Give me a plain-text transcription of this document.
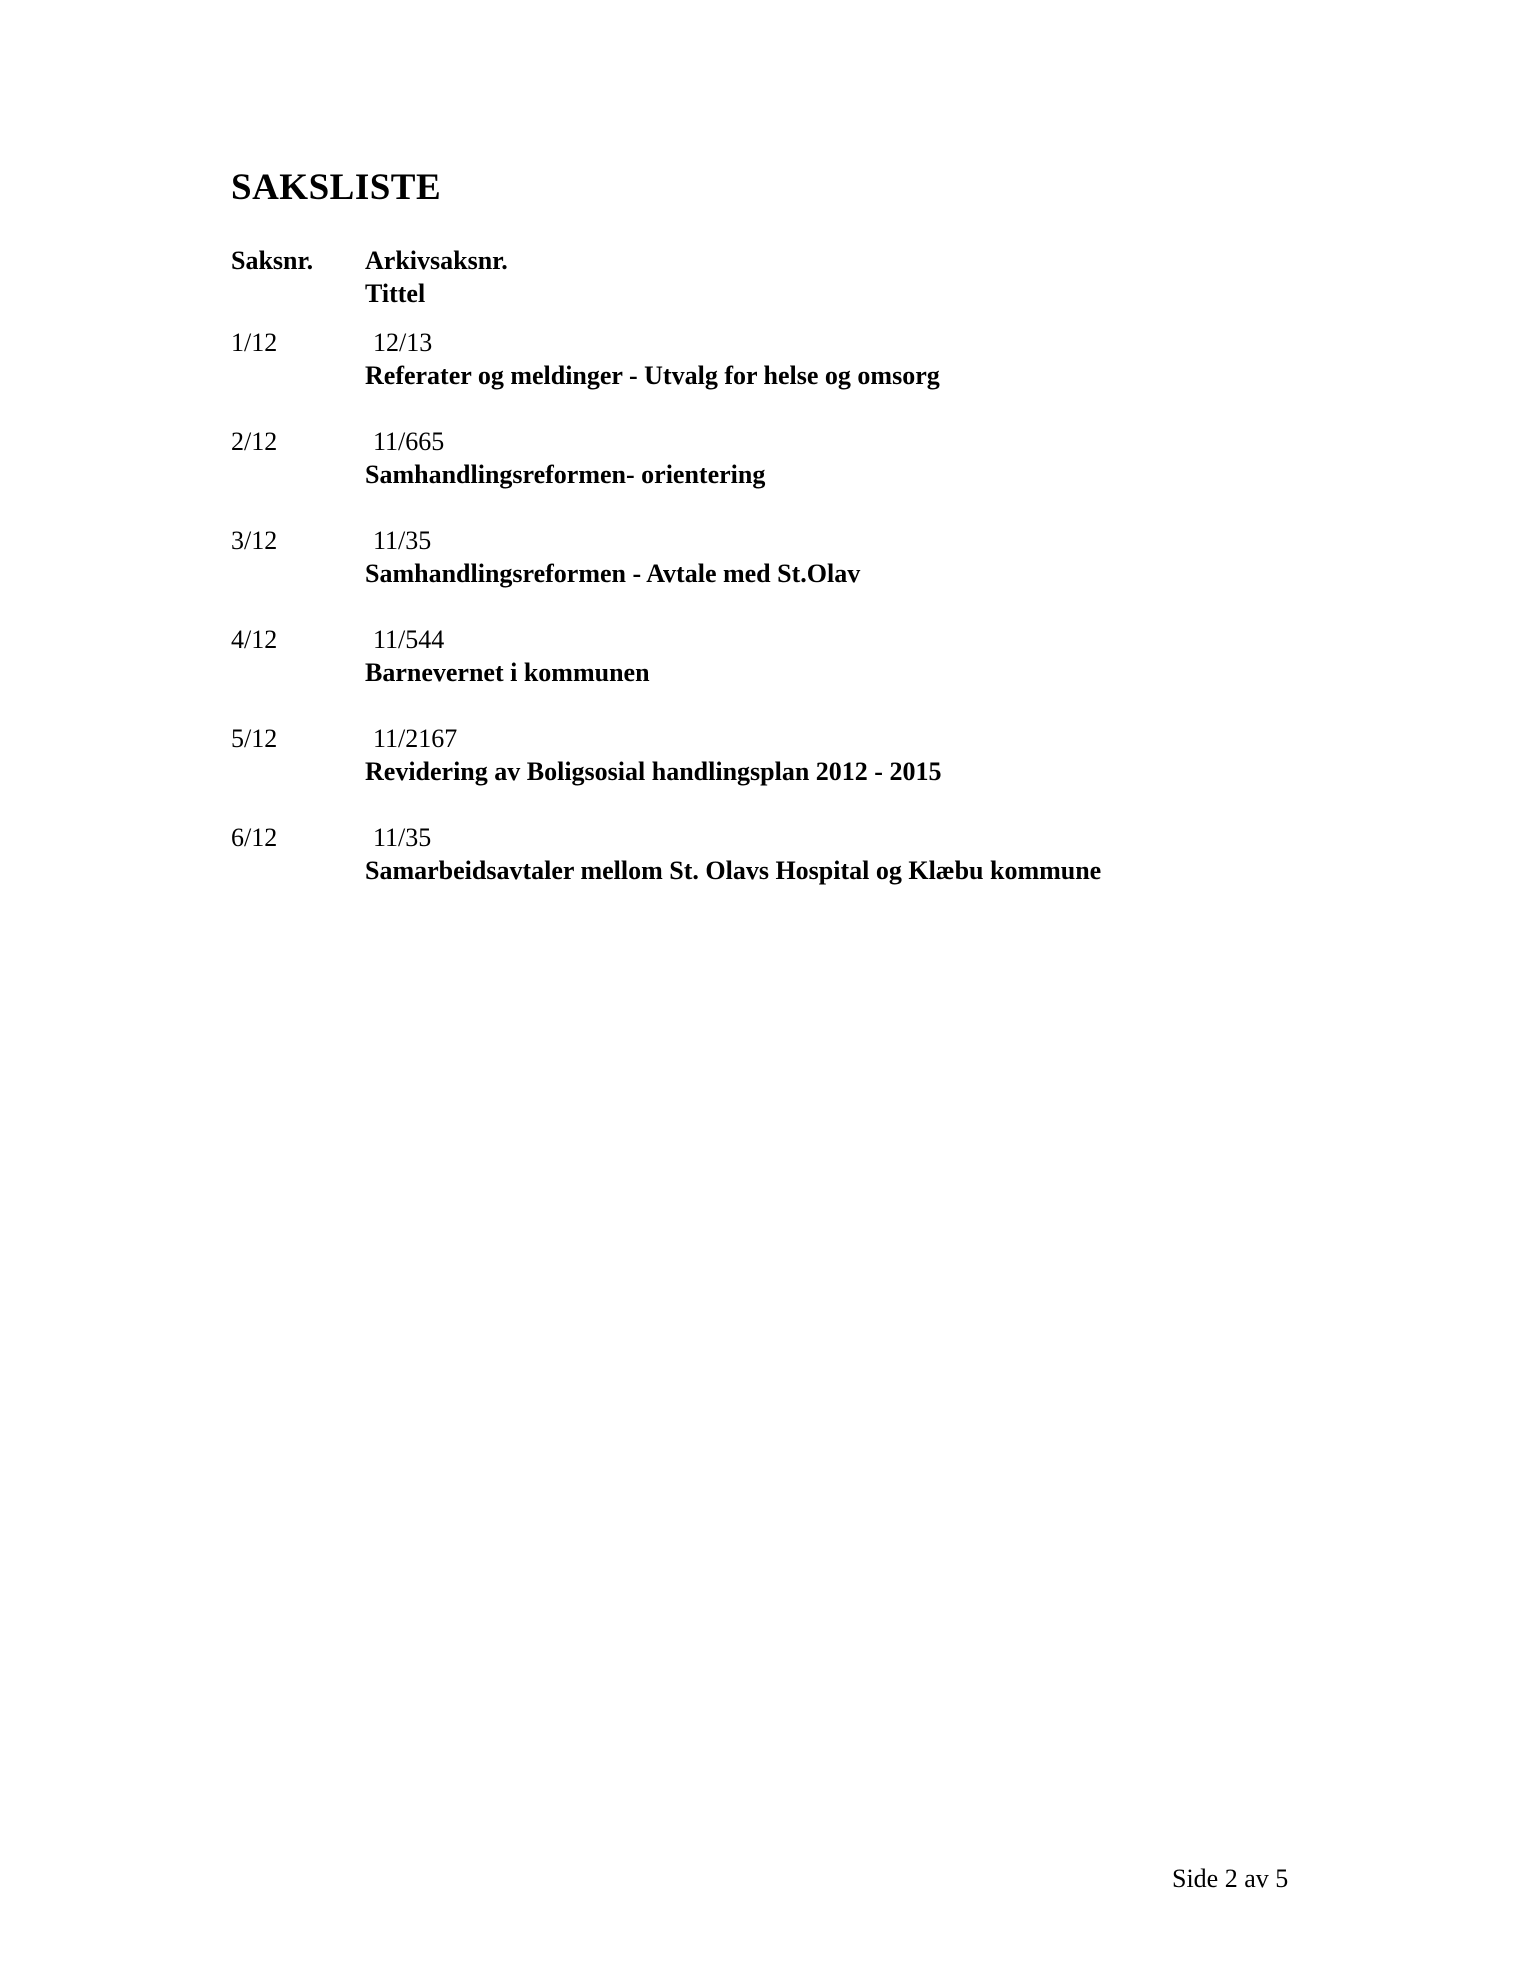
SAKSLISTE
Saksnr. Arkivsaksnr.
Tittel
1/12	12/13
Referater og meldinger - Utvalg for helse og omsorg
2/12	11/665
Samhandlingsreformen- orientering
3/12	11/35
Samhandlingsreformen - Avtale med St.Olav
4/12	11/544
Barnevernet i kommunen
5/12	11/2167
Revidering av Boligsosial handlingsplan 2012 - 2015
6/12	11/35
Samarbeidsavtaler mellom St. Olavs Hospital og Klæbu kommune
Side 2 av 5
